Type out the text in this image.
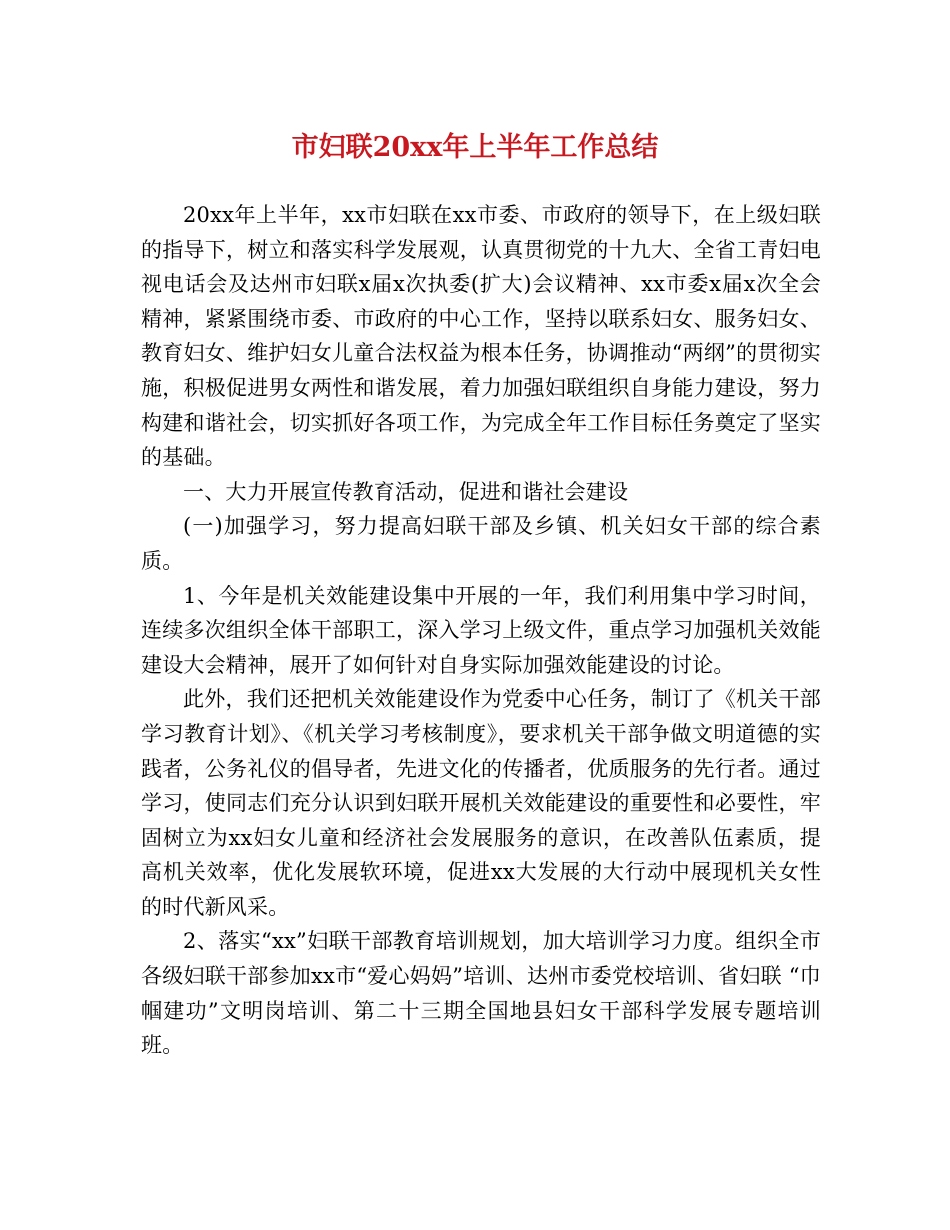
市妇联20xx年上半年工作总结

20xx年上半年，xx市妇联在xx市委、市政府的领导下，在上级妇联的指导下，树立和落实科学发展观，认真贯彻党的十九大、全省工青妇电视电话会及达州市妇联x届x次执委(扩大)会议精神、xx市委x届x次全会精神，紧紧围绕市委、市政府的中心工作，坚持以联系妇女、服务妇女、教育妇女、维护妇女儿童合法权益为根本任务，协调推动“两纲”的贯彻实施，积极促进男女两性和谐发展，着力加强妇联组织自身能力建设，努力构建和谐社会，切实抓好各项工作，为完成全年工作目标任务奠定了坚实的基础。

一、大力开展宣传教育活动，促进和谐社会建设

(一)加强学习，努力提高妇联干部及乡镇、机关妇女干部的综合素质。

1、今年是机关效能建设集中开展的一年，我们利用集中学习时间，连续多次组织全体干部职工，深入学习上级文件，重点学习加强机关效能建设大会精神，展开了如何针对自身实际加强效能建设的讨论。

此外，我们还把机关效能建设作为党委中心任务，制订了《机关干部学习教育计划》、《机关学习考核制度》，要求机关干部争做文明道德的实践者，公务礼仪的倡导者，先进文化的传播者，优质服务的先行者。通过学习，使同志们充分认识到妇联开展机关效能建设的重要性和必要性，牢固树立为xx妇女儿童和经济社会发展服务的意识，在改善队伍素质，提高机关效率，优化发展软环境，促进xx大发展的大行动中展现机关女性的时代新风采。

2、落实“xx”妇联干部教育培训规划，加大培训学习力度。组织全市各级妇联干部参加xx市“爱心妈妈”培训、达州市委党校培训、省妇联 “巾帼建功”文明岗培训、第二十三期全国地县妇女干部科学发展专题培训班。
